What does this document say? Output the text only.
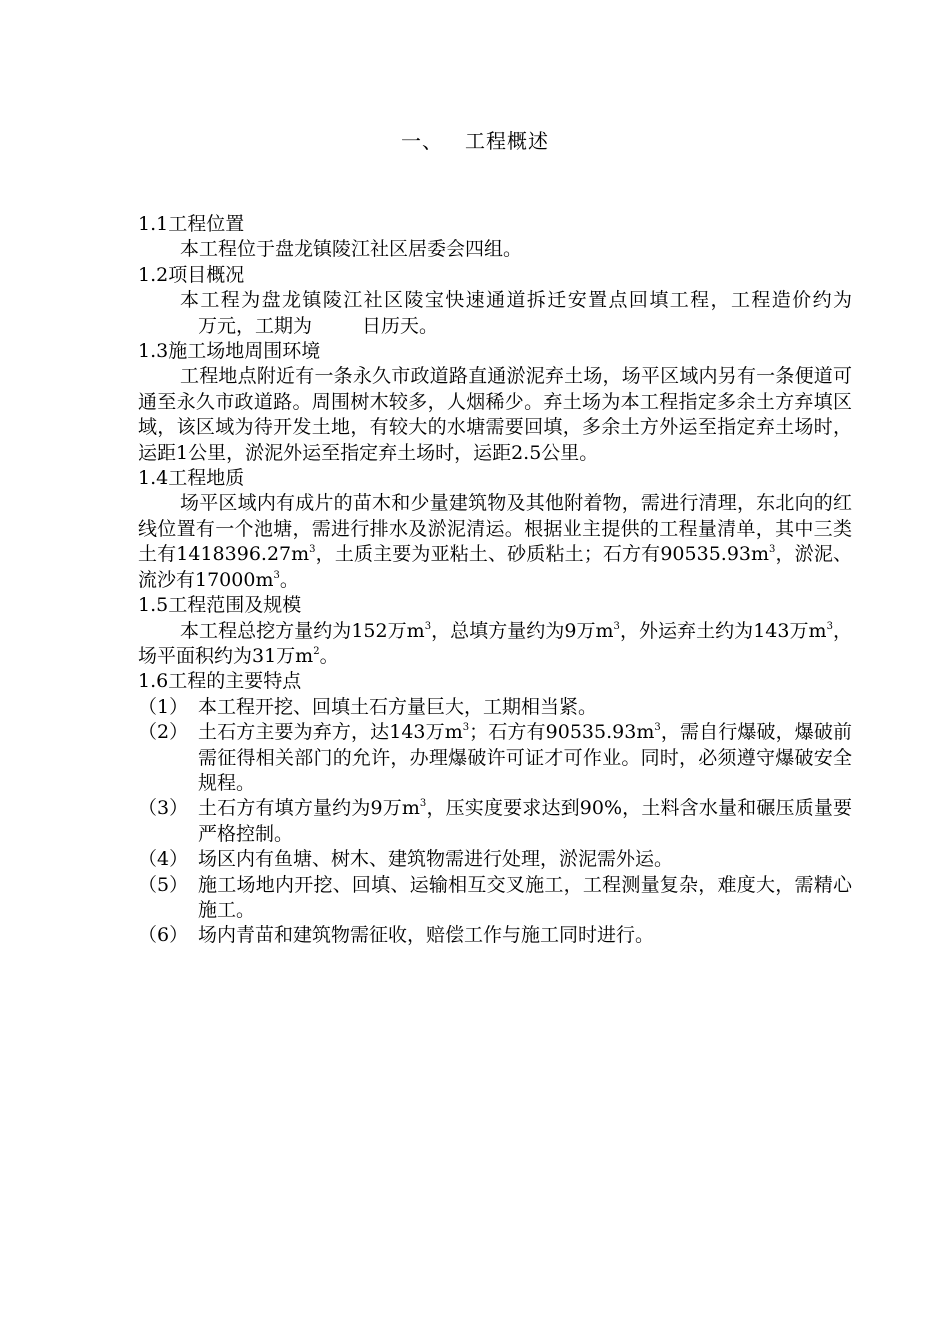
一、 工程概述

1.1工程位置

本工程位于盘龙镇陵江社区居委会四组。

1.2项目概况

本工程为盘龙镇陵江社区陵宝快速通道拆迁安置点回填工程，工程造价约为万元，工期为	日历天。

1.3施工场地周围环境

工程地点附近有一条永久市政道路直通淤泥弃土场，场平区域内另有一条便道可通至永久市政道路。周围树木较多，人烟稀少。弃土场为本工程指定多余土方弃填区域，该区域为待开发土地，有较大的水塘需要回填，多余土方外运至指定弃土场时，运距1公里，淤泥外运至指定弃土场时，运距2.5公里。

1.4工程地质

场平区域内有成片的苗木和少量建筑物及其他附着物，需进行清理，东北向的红线位置有一个池塘，需进行排水及淤泥清运。根据业主提供的工程量清单，其中三类土有$1418396.27m^3$，土质主要为亚粘土、砂质粘土；石方有$90535.93m^3$，淤泥、流沙有$17000m^3$。

1.5工程范围及规模

本工程总挖方量约为152万$m^3$，总填方量约为9万$m^3$，外运弃土约为143万$m^3$，场平面积约为31万$m^2$。

1.6工程的主要特点

（1） 本工程开挖、回填土石方量巨大，工期相当紧。
（2） 土石方主要为弃方，达143万$m^3$；石方有$90535.93m^3$，需自行爆破，爆破前需征得相关部门的允许，办理爆破许可证才可作业。同时，必须遵守爆破安全规程。
（3） 土石方有填方量约为9万$m^3$，压实度要求达到90%，土料含水量和碾压质量要严格控制。
（4） 场区内有鱼塘、树木、建筑物需进行处理，淤泥需外运。
（5） 施工场地内开挖、回填、运输相互交叉施工，工程测量复杂，难度大，需精心施工。
（6） 场内青苗和建筑物需征收，赔偿工作与施工同时进行。
